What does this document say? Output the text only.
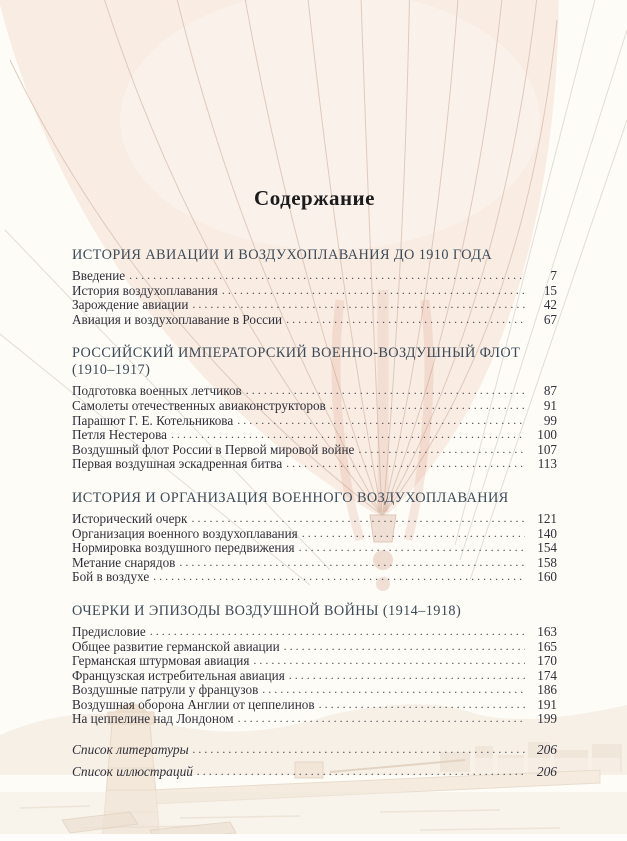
Содержание
ИСТОРИЯ АВИАЦИИ И ВОЗДУХОПЛАВАНИЯ ДО 1910 ГОДА
Введение .....	7
История воздухоплавания .....	15
Зарождение авиации .....	42
Авиация и воздухоплавание в России .....	67
РОССИЙСКИЙ ИМПЕРАТОРСКИЙ ВОЕННО-ВОЗДУШНЫЙ ФЛОТ (1910–1917)
Подготовка военных летчиков .....	87
Самолеты отечественных авиаконструкторов .....	91
Парашют Г. Е. Котельникова .....	99
Петля Нестерова .....	100
Воздушный флот России в Первой мировой войне .....	107
Первая воздушная эскадренная битва .....	113
ИСТОРИЯ И ОРГАНИЗАЦИЯ ВОЕННОГО ВОЗДУХОПЛАВАНИЯ
Исторический очерк .....	121
Организация военного воздухоплавания .....	140
Нормировка воздушного передвижения .....	154
Метание снарядов .....	158
Бой в воздухе .....	160
ОЧЕРКИ И ЭПИЗОДЫ ВОЗДУШНОЙ ВОЙНЫ (1914–1918)
Предисловие .....	163
Общее развитие германской авиации .....	165
Германская штурмовая авиация .....	170
Французская истребительная авиация .....	174
Воздушные патрули у французов .....	186
Воздушная оборона Англии от цеппелинов .....	191
На цеппелине над Лондоном .....	199
Список литературы .....	206
Список иллюстраций .....	206
